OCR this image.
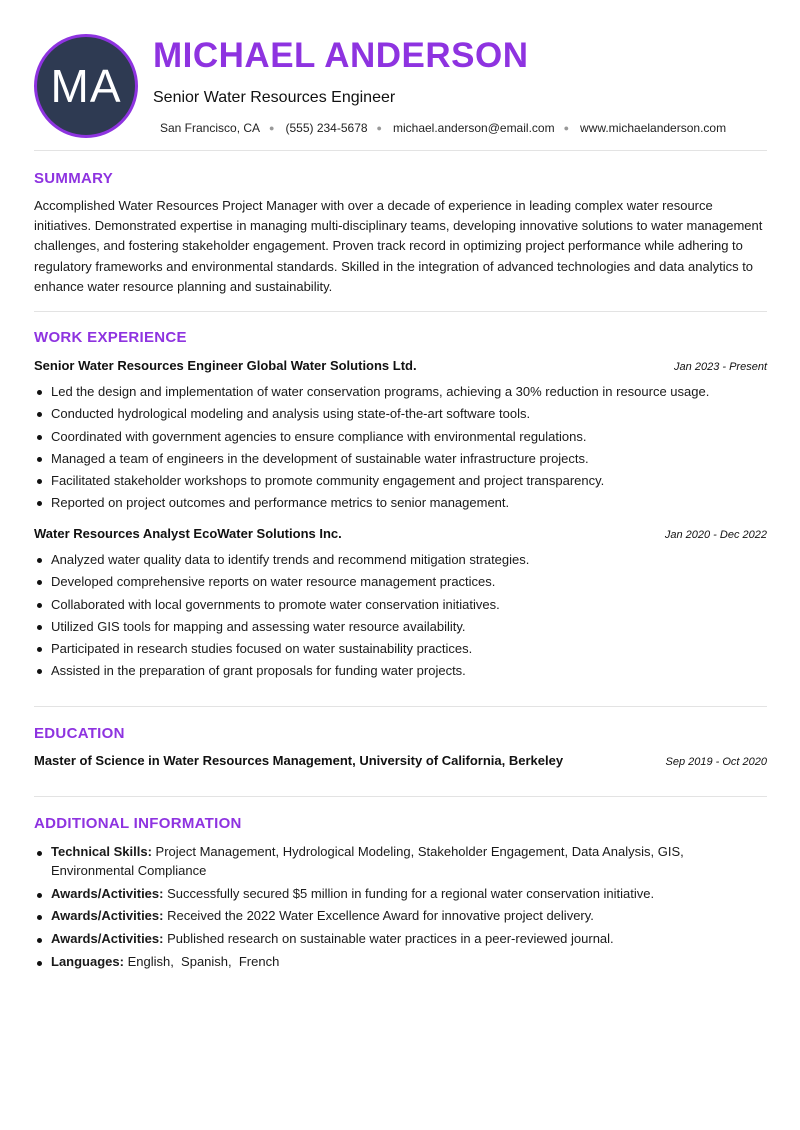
MA
MICHAEL ANDERSON
Senior Water Resources Engineer
San Francisco, CA ● (555) 234-5678 ● michael.anderson@email.com ● www.michaelanderson.com
SUMMARY

Accomplished Water Resources Project Manager with over a decade of experience in leading complex water resource initiatives. Demonstrated expertise in managing multi-disciplinary teams, developing innovative solutions to water management challenges, and fostering stakeholder engagement. Proven track record in optimizing project performance while adhering to regulatory frameworks and environmental standards. Skilled in the integration of advanced technologies and data analytics to enhance water resource planning and sustainability.

WORK EXPERIENCE
Senior Water Resources Engineer Global Water Solutions Ltd.	Jan 2023 - Present
Led the design and implementation of water conservation programs, achieving a 30% reduction in resource usage.
Conducted hydrological modeling and analysis using state-of-the-art software tools.
Coordinated with government agencies to ensure compliance with environmental regulations.
Managed a team of engineers in the development of sustainable water infrastructure projects.
Facilitated stakeholder workshops to promote community engagement and project transparency.
Reported on project outcomes and performance metrics to senior management.
Water Resources Analyst EcoWater Solutions Inc.	Jan 2020 - Dec 2022
Analyzed water quality data to identify trends and recommend mitigation strategies.
Developed comprehensive reports on water resource management practices.
Collaborated with local governments to promote water conservation initiatives.
Utilized GIS tools for mapping and assessing water resource availability.
Participated in research studies focused on water sustainability practices.
Assisted in the preparation of grant proposals for funding water projects.
EDUCATION
Master of Science in Water Resources Management, University of California, Berkeley	Sep 2019 - Oct 2020
ADDITIONAL INFORMATION
Technical Skills: Project Management, Hydrological Modeling, Stakeholder Engagement, Data Analysis, GIS, Environmental Compliance
Awards/Activities: Successfully secured $5 million in funding for a regional water conservation initiative.
Awards/Activities: Received the 2022 Water Excellence Award for innovative project delivery.
Awards/Activities: Published research on sustainable water practices in a peer-reviewed journal.
Languages: English,  Spanish,  French
